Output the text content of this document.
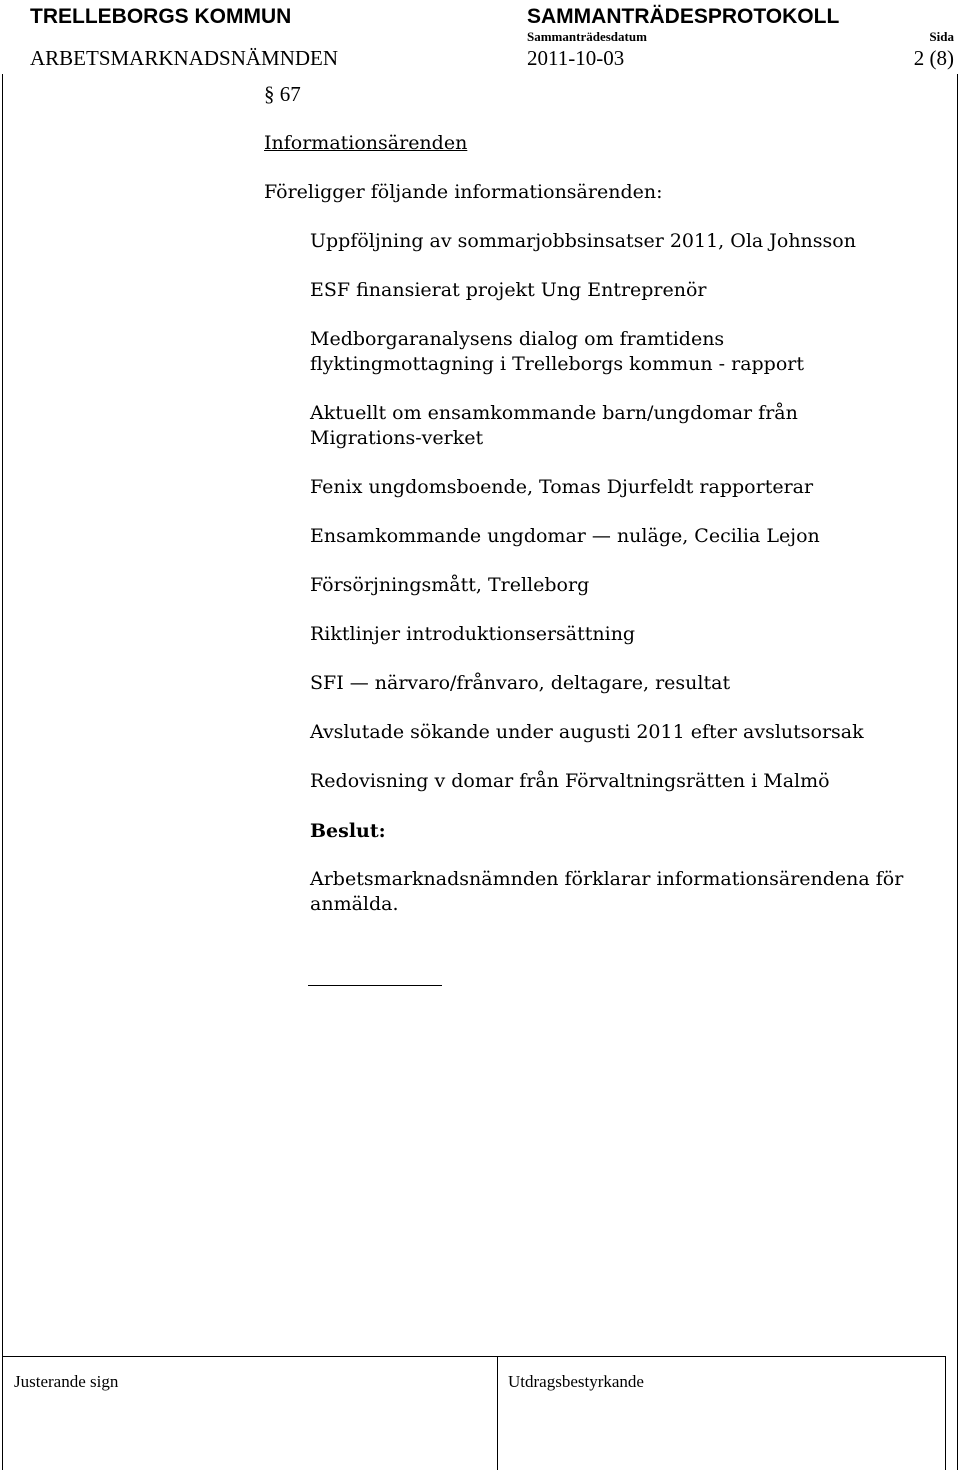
TRELLEBORGS KOMMUN	SAMMANTRÄDESPROTOKOLL
ARBETSMARKNADSNÄMNDEN
Sammanträdesdatum
2011-10-03
Sida
2 (8)
§ 67
Informationsärenden
Föreligger följande informationsärenden:
Uppföljning av sommarjobbsinsatser 2011, Ola Johnsson
ESF finansierat projekt Ung Entreprenör
Medborgaranalysens dialog om framtidens flyktingmottagning i Trelleborgs kommun - rapport
Aktuellt om ensamkommande barn/ungdomar från Migrations-verket
Fenix ungdomsboende, Tomas Djurfeldt rapporterar
Ensamkommande ungdomar — nuläge, Cecilia Lejon
Försörjningsmått, Trelleborg
Riktlinjer introduktionsersättning
SFI — närvaro/frånvaro, deltagare, resultat
Avslutade sökande under augusti 2011 efter avslutsorsak
Redovisning v domar från Förvaltningsrätten i Malmö
Beslut:
Arbetsmarknadsnämnden förklarar informationsärendena för anmälda.
Justerande sign	Utdragsbestyrkande
